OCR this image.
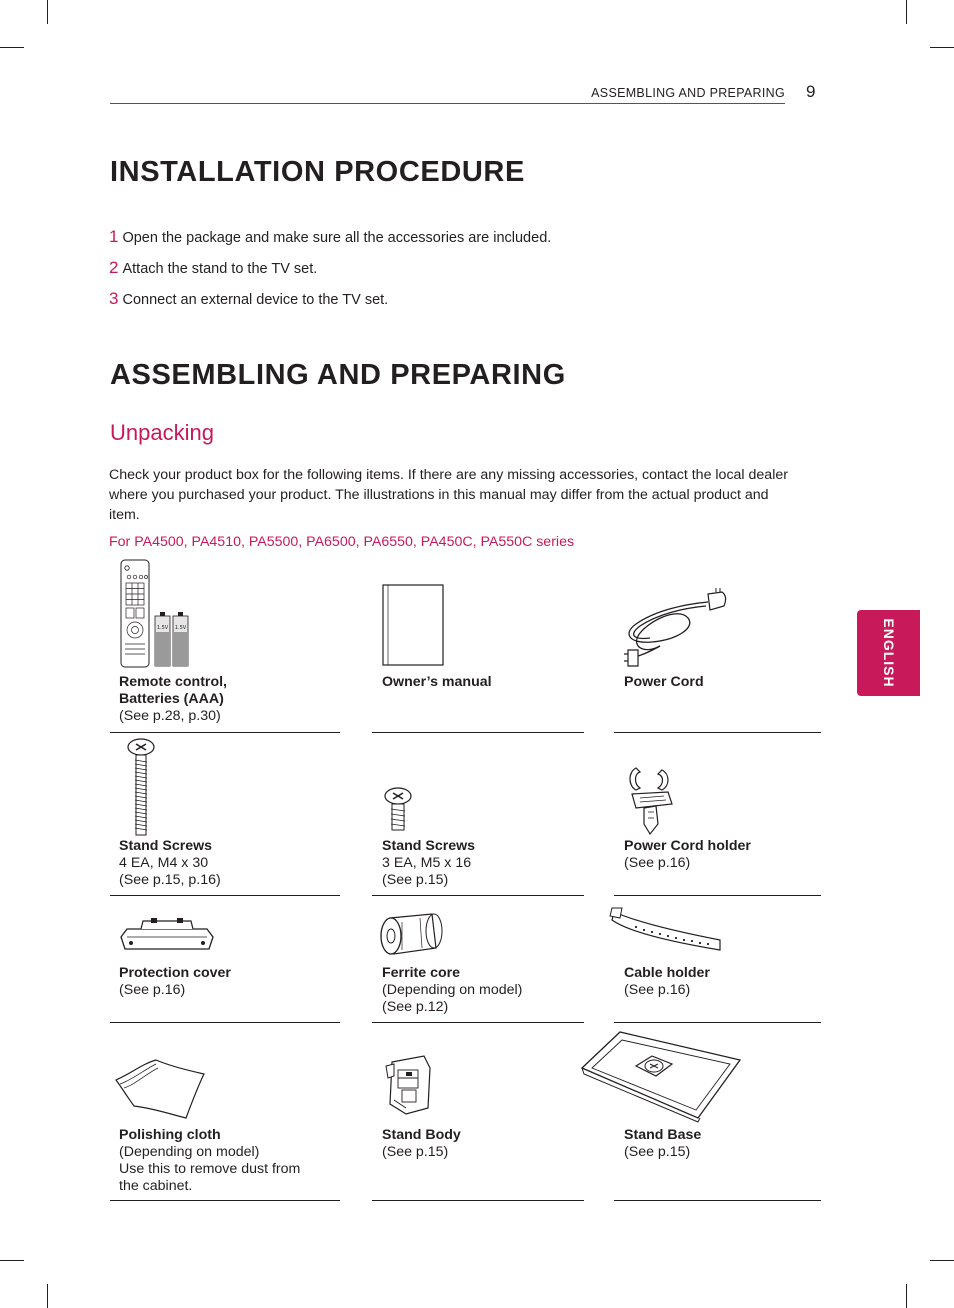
ASSEMBLING AND PREPARING 9
ENGLISH
INSTALLATION PROCEDURE
1 Open the package and make sure all the accessories are included.
2 Attach the stand to the TV set.
3 Connect an external device to the TV set.
ASSEMBLING AND PREPARING
Unpacking

Check your product box for the following items. If there are any missing accessories, contact the local dealer where you purchased your product. The illustrations in this manual may differ from the actual product and item.

For PA4500, PA4510, PA5500, PA6500, PA6550, PA450C, PA550C series
1.5V 1.5V
Remote control,
Batteries (AAA)
(See p.28, p.30)
Owner’s manual	Power Cord
Stand Screws
4 EA, M4 x 30
(See p.15, p.16)
Stand Screws
3 EA, M5 x 16
(See p.15)
Power Cord holder
(See p.16)
Protection cover
(See p.16)
Ferrite core
(Depending on model)
(See p.12)
Cable holder
(See p.16)
Polishing cloth
(Depending on model)
Use this to remove dust from
the cabinet.
Stand Body
(See p.15)
Stand Base
(See p.15)
